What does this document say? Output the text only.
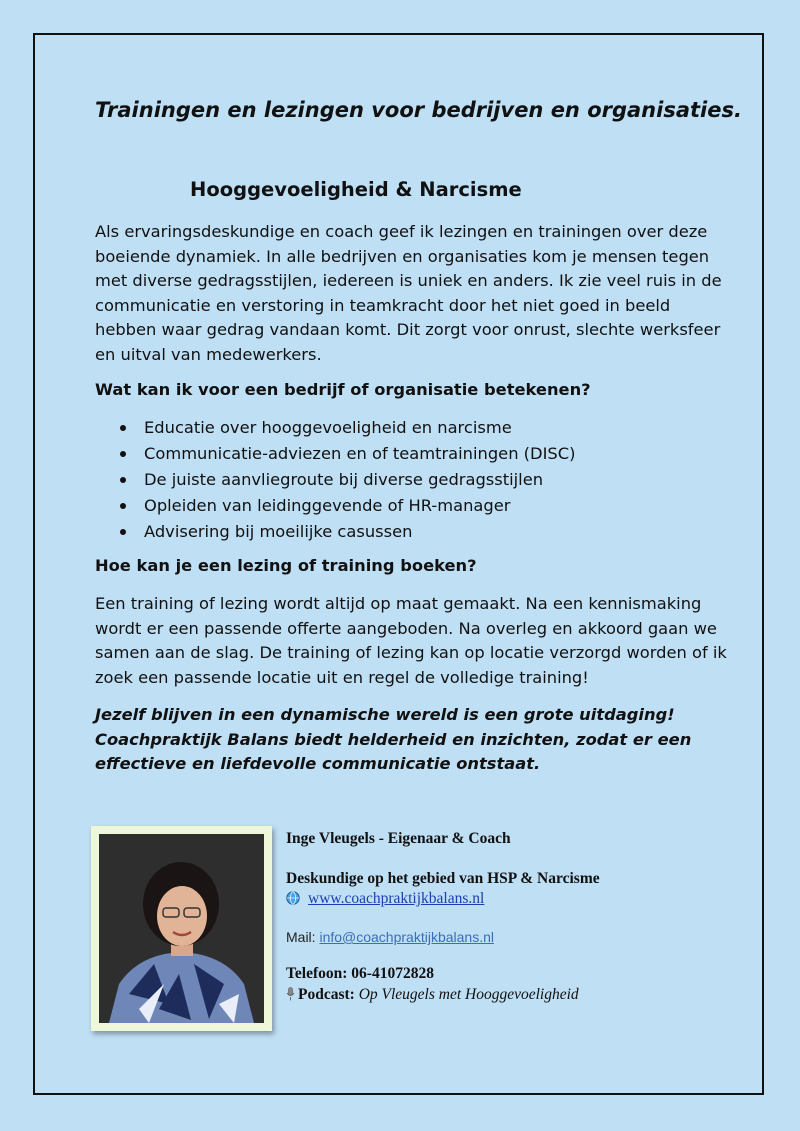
Trainingen en lezingen voor bedrijven en organisaties.
Hooggevoeligheid & Narcisme

Als ervaringsdeskundige en coach geef ik lezingen en trainingen over deze
boeiende dynamiek. In alle bedrijven en organisaties kom je mensen tegen
met diverse gedragsstijlen, iedereen is uniek en anders. Ik zie veel ruis in de
communicatie en verstoring in teamkracht door het niet goed in beeld
hebben waar gedrag vandaan komt. Dit zorgt voor onrust, slechte werksfeer
en uitval van medewerkers.

Wat kan ik voor een bedrijf of organisatie betekenen?
Educatie over hooggevoeligheid en narcisme
Communicatie-adviezen en of teamtrainingen (DISC)
De juiste aanvliegroute bij diverse gedragsstijlen
Opleiden van leidinggevende of HR-manager
Advisering bij moeilijke casussen
Hoe kan je een lezing of training boeken?

Een training of lezing wordt altijd op maat gemaakt. Na een kennismaking
wordt er een passende offerte aangeboden. Na overleg en akkoord gaan we
samen aan de slag. De training of lezing kan op locatie verzorgd worden of ik
zoek een passende locatie uit en regel de volledige training!

Jezelf blijven in een dynamische wereld is een grote uitdaging!
Coachpraktijk Balans biedt helderheid en inzichten, zodat er een
effectieve en liefdevolle communicatie ontstaat.

Inge Vleugels - Eigenaar & Coach
Deskundige op het gebied van HSP & Narcisme
www.coachpraktijkbalans.nl
Mail: info@coachpraktijkbalans.nl
Telefoon: 06-41072828
Podcast: Op Vleugels met Hooggevoeligheid
